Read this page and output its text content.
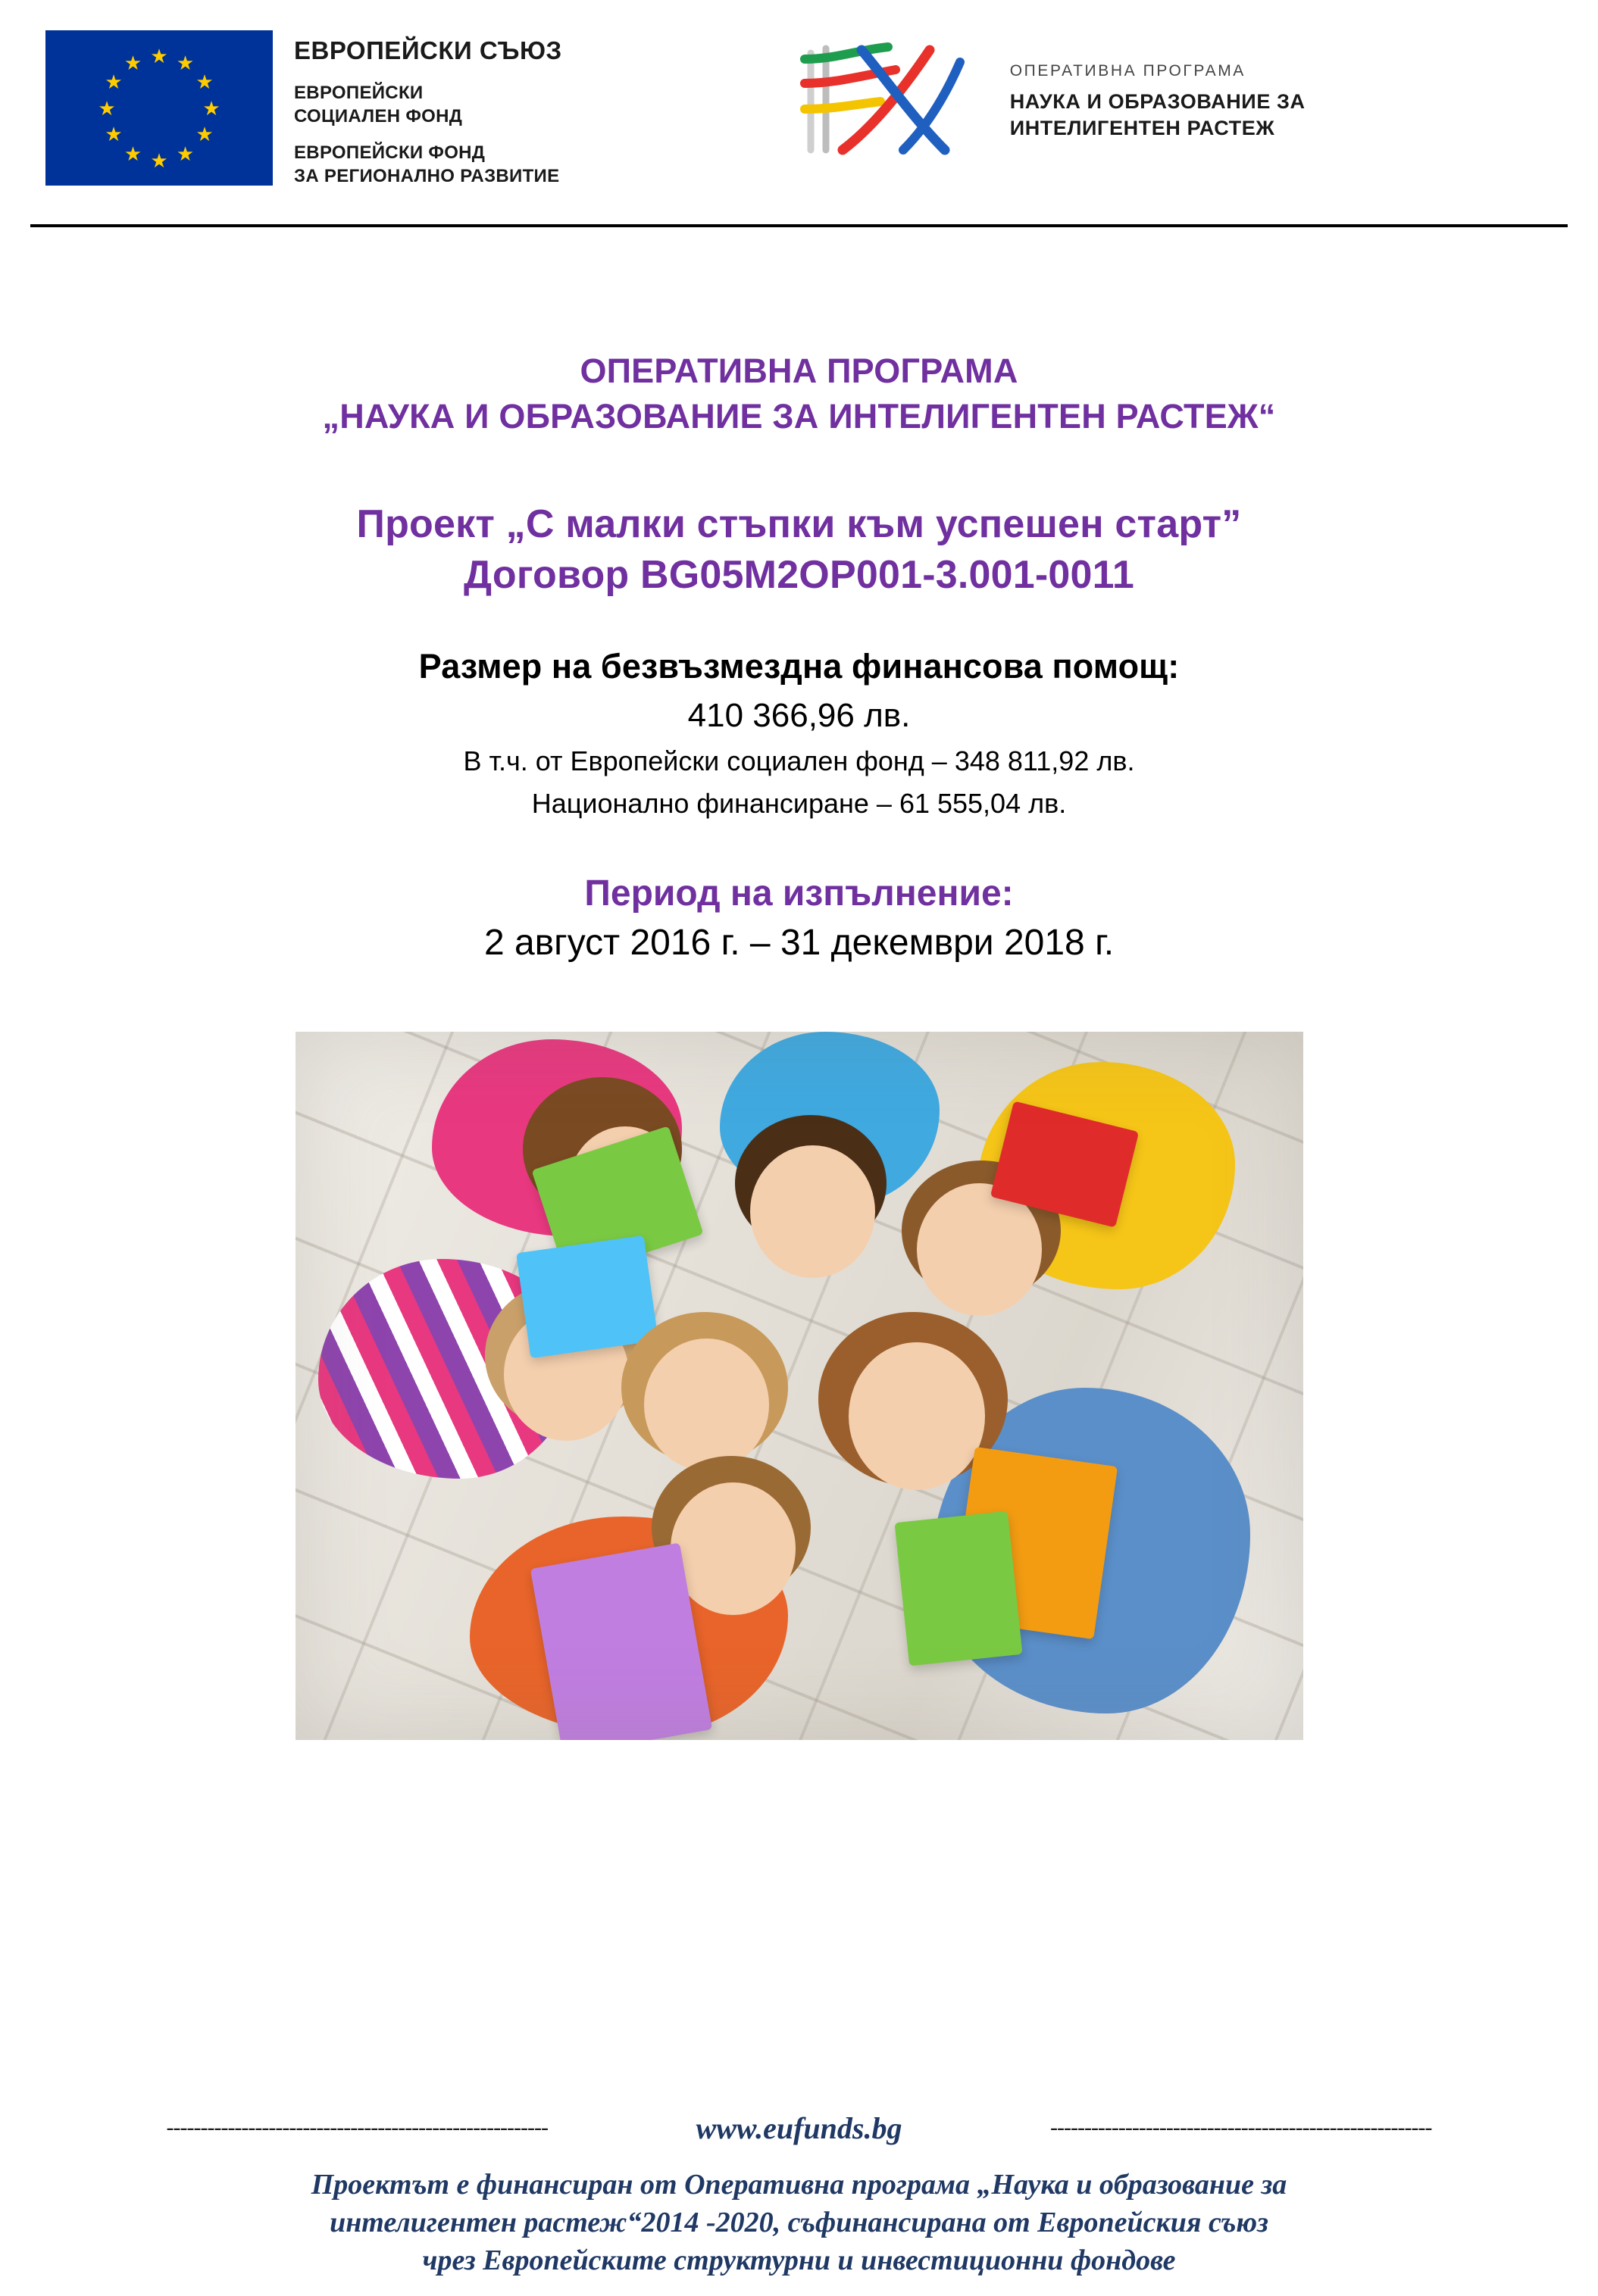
★ ★
★
★
★
★
★
★
★
★
★
★	ЕВРОПЕЙСКИ СЪЮЗ
ЕВРОПЕЙСКИ
СОЦИАЛЕН ФОНД
ЕВРОПЕЙСКИ ФОНД
ЗА РЕГИОНАЛНО РАЗВИТИЕ
ОПЕРАТИВНА ПРОГРАМА
НАУКА И ОБРАЗОВАНИЕ ЗА
ИНТЕЛИГЕНТЕН РАСТЕЖ
ОПЕРАТИВНА ПРОГРАМА
„НАУКА И ОБРАЗОВАНИЕ ЗА ИНТЕЛИГЕНТЕН РАСТЕЖ“
Проект „С малки стъпки към успешен старт”
Договор BG05M2OP001-3.001-0011
Размер на безвъзмездна финансова помощ:
410 366,96 лв.
В т.ч. от Европейски социален фонд – 348 811,92 лв.
Национално финансиране – 61 555,04 лв.
Период на изпълнение:
2 август 2016 г. – 31 декември 2018 г.
--------------------------------------------------------	www.eufunds.bg	--------------------------------------------------------
Проектът е финансиран от Оперативна програма „Наука и образование за
интелигентен растеж“2014 -2020, съфинансирана от Европейския съюз
чрез Европейските структурни и инвестиционни фондове
